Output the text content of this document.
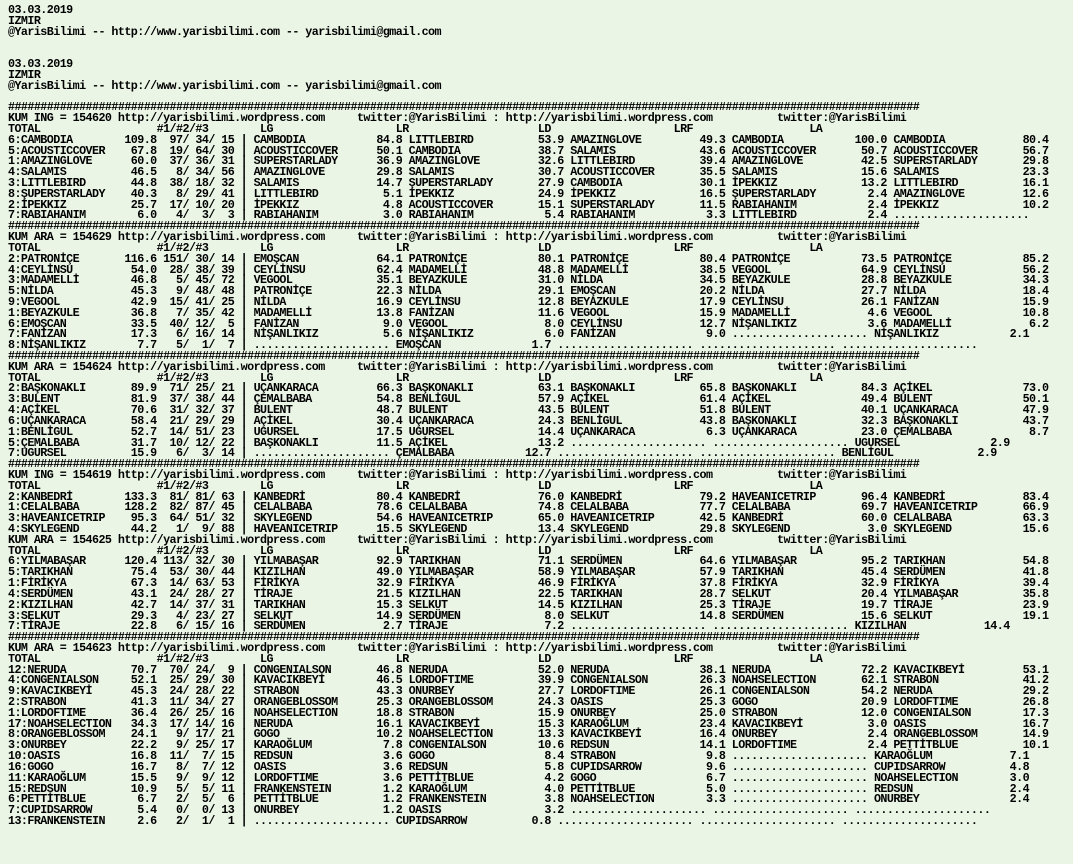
03.03.2019
IZMIR
@YarisBilimi -- http://www.yarisbilimi.com -- yarisbilimi@gmail.com
03.03.2019
IZMIR
@YarisBilimi -- http://www.yarisbilimi.com -- yarisbilimi@gmail.com
#############################################################################################################################################
KUM ING = 154620 http://yarisbilimi.wordpress.com     twitter:@YarisBilimi : http://yarisbilimi.wordpress.com          twitter:@YarisBilimi
TOTAL                  #1/#2/#3        LG                   LR                    LD                   LRF                  LA
6:CAMBODIA        109.8  97/ 34/ 15 | CAMBODIA           84.8 LITTLEBIRD          53.9 AMAZINGLOVE         49.3 CAMBODIA           100.0 CAMBODIA            80.4
5:ACOUSTICCOVER    67.8  19/ 64/ 30 | ACOUSTICCOVER      50.1 CAMBODIA            38.7 SALAMIS             43.6 ACOUSTICCOVER       50.7 ACOUSTICCOVER       56.7
1:AMAZINGLOVE      60.0  37/ 36/ 31 | SUPERSTARLADY      36.9 AMAZINGLOVE         32.6 LITTLEBIRD          39.4 AMAZINGLOVE         42.5 SUPERSTARLADY       29.8
4:SALAMIS          46.5   8/ 34/ 56 | AMAZINGLOVE        29.8 SALAMIS             30.7 ACOUSTICCOVER       35.5 SALAMIS             15.6 SALAMIS             23.3
3:LITTLEBIRD       44.8  38/ 18/ 32 | SALAMIS            14.7 ŞUPERSTARLADY       27.9 CAMBODIA            30.1 İPEKKIZ             13.2 LITTLEBIRD          16.1
8:ŞUPERSTARLADY    40.3   8/ 29/ 41 | LITTLEBIRD          5.1 İPEKKIZ             24.9 İPEKKIZ             16.5 ŞUPERSTARLADY        2.4 AMAZINGLOVE         12.6
2:İPEKKIZ          25.7  17/ 10/ 20 | İPEKKIZ             4.8 ACOUSTICCOVER       15.1 SUPERSTARLADY       11.5 RABIAHANIM           2.4 İPEKKIZ             10.2
7:RABIAHANIM        6.0   4/  3/  3 | RABIAHANIM          3.0 RABIAHANIM           5.4 RABIAHANIM           3.3 LITTLEBIRD           2.4 .....................
#############################################################################################################################################
KUM ARA = 154629 http://yarisbilimi.wordpress.com     twitter:@YarisBilimi : http://yarisbilimi.wordpress.com          twitter:@YarisBilimi
TOTAL                  #1/#2/#3        LG                   LR                    LD                   LRF                  LA
2:PATRONİÇE       116.6 151/ 30/ 14 | EMOŞCAN            64.1 PATRONİÇE           80.1 PATRONİÇE           80.4 PATRONİÇE           73.5 PATRONİÇE           85.2
4:CEYLİNSU         54.0  28/ 38/ 39 | CEYLİNSU           62.4 MADAMELLİ           48.8 MADAMELLİ           38.5 VEGOOL              64.9 CEYLİNSU            56.2
3:MADAMELLİ        46.8   5/ 45/ 72 | VEGOOL             35.1 BEYAZKULE           31.0 NİLDA               34.5 BEYAZKULE           28.8 BEYAZKULE           34.3
5:NİLDA            45.3   9/ 48/ 48 | PATRONİÇE          22.3 NİLDA               29.1 EMOŞCAN             20.2 NİLDA               27.7 NİLDA               18.4
9:VEGOOL           42.9  15/ 41/ 25 | NİLDA              16.9 CEYLİNSU            12.8 BEYAZKULE           17.9 CEYLİNSU            26.1 FANİZAN             15.9
1:BEYAZKULE        36.8   7/ 35/ 42 | MADAMELLİ          13.8 FANİZAN             11.6 VEGOOL              15.9 MADAMELLİ            4.6 VEGOOL              10.8
6:EMOŞCAN          33.5  40/ 12/  5 | FANİZAN             9.0 VEGOOL               8.0 CEYLİNSU            12.7 NİŞANLIKIZ           3.6 MADAMELLİ            6.2
7:FANİZAN          17.3   6/ 16/ 14 | NİŞANLIKIZ          5.6 NİŞANLIKIZ           6.0 FANİZAN              9.0 ..................... NİŞANLIKIZ           2.1
8:NİŞANLIKIZ        7.7   5/  1/  7 | ..................... EMOŞCAN              1.7 ..................... ..................... .....................
#############################################################################################################################################
KUM ARA = 154624 http://yarisbilimi.wordpress.com     twitter:@YarisBilimi : http://yarisbilimi.wordpress.com          twitter:@YarisBilimi
TOTAL                  #1/#2/#3        LG                   LR                    LD                   LRF                  LA
2:BAŞKONAKLI       89.9  71/ 25/ 21 | UÇANKARACA         66.3 BAŞKONAKLI          63.1 BAŞKONAKLI          65.8 BAŞKONAKLI          84.3 AÇİKEL              73.0
3:BULENT           81.9  37/ 38/ 44 | ÇEMALBABA          54.8 BENLİGUL            57.9 AÇİKEL              61.4 AÇİKEL              49.4 BULENT              50.1
4:AÇİKEL           70.6  31/ 32/ 37 | BULENT             48.7 BULENT              43.5 BULENT              51.8 BULENT              40.1 UÇANKARACA          47.9
6:UÇANKARACA       58.4  21/ 29/ 29 | AÇİKEL             30.4 UÇANKARACA          24.3 BENLİGUL            43.8 BAŞKONAKLI          32.3 BAŞKONAKLI          43.7
1:BENLİGUL         52.7  14/ 51/ 23 | UGURSEL            17.5 UGURSEL             14.4 UÇANKARACA           6.3 UÇANKARACA          23.0 ÇEMALBABA            8.7
5:ÇEMALBABA        31.7  10/ 12/ 22 | BAŞKONAKLI         11.5 AÇİKEL              13.2 ..................... ..................... UGURSEL              2.9
7:UGURSEL          15.9   6/  3/ 14 | ..................... ÇEMALBABA           12.7 ..................... ..................... BENLİGUL             2.9
#############################################################################################################################################
KUM ING = 154619 http://yarisbilimi.wordpress.com     twitter:@YarisBilimi : http://yarisbilimi.wordpress.com          twitter:@YarisBilimi
TOTAL                  #1/#2/#3        LG                   LR                    LD                   LRF                  LA
2:KANBEDRİ        133.3  81/ 81/ 63 | KANBEDRİ           80.4 KANBEDRİ            76.0 KANBEDRİ            79.2 HAVEANICETRIP       96.4 KANBEDRİ            83.4
1:CELALBABA       128.2  82/ 87/ 45 | CELALBABA          78.6 CELALBABA           74.8 CELALBABA           77.7 CELALBABA           69.7 HAVEANICETRIP       66.9
3:HAVEANICETRIP    95.3  64/ 51/ 32 | SKYLEGEND          54.6 HAVEANICETRIP       65.0 HAVEANICETRIP       42.5 KANBEDRİ            60.0 CELALBABA           63.3
4:SKYLEGEND        44.2   1/  9/ 88 | HAVEANICETRIP      15.5 SKYLEGEND           13.4 SKYLEGEND           29.8 SKYLEGEND            3.0 SKYLEGEND           15.6
KUM ARA = 154625 http://yarisbilimi.wordpress.com     twitter:@YarisBilimi : http://yarisbilimi.wordpress.com          twitter:@YarisBilimi
TOTAL                  #1/#2/#3        LG                   LR                    LD                   LRF                  LA
6:YILMABAŞAR      120.4 113/ 32/ 30 | YILMABAŞAR         92.9 TARIKHAN            71.1 SERDÜMEN            64.6 YILMABAŞAR          95.2 TARIKHAN            54.8
5:TARIKHAN         75.4  53/ 30/ 44 | KIZILHAN           49.0 YILMABAŞAR          58.9 YILMABAŞAR          57.9 TARIKHAN            45.4 SERDÜMEN            41.8
1:FİRİKYA          67.3  14/ 63/ 53 | FİRİKYA            32.9 FİRİKYA             46.9 FİRİKYA             37.8 FİRİKYA             32.9 FİRİKYA             39.4
4:SERDÜMEN         43.1  24/ 28/ 27 | TİRAJE             21.5 KIZILHAN            22.5 TARIKHAN            28.7 SELKUT              20.4 YILMABAŞAR          35.8
2:KIZILHAN         42.7  14/ 37/ 31 | TARIKHAN           15.3 SELKUT              14.5 KIZILHAN            25.3 TİRAJE              19.7 TİRAJE              23.9
3:SELKUT           29.3   4/ 23/ 27 | SELKUT             14.9 SERDÜMEN             8.0 SELKUT              14.8 SERDÜMEN            15.6 SELKUT              19.1
7:TİRAJE           22.8   6/ 15/ 16 | SERDÜMEN            2.7 TİRAJE               7.2 ..................... ..................... KIZILHAN            14.4
#############################################################################################################################################
KUM ARA = 154623 http://yarisbilimi.wordpress.com     twitter:@YarisBilimi : http://yarisbilimi.wordpress.com          twitter:@YarisBilimi
TOTAL                  #1/#2/#3        LG                   LR                    LD                   LRF                  LA
12:NERUDA          70.7  70/ 24/  9 | CONGENIALSON       46.8 NERUDA              52.0 NERUDA              38.1 NERUDA              72.2 KAVACIKBEYİ         53.1
4:CONGENIALSON     52.1  25/ 29/ 30 | KAVACIKBEYİ        46.5 LORDOFTIME          39.9 CONGENIALSON        26.3 NOAHSELECTION       62.1 STRABON             41.2
9:KAVACIKBEYİ      45.3  24/ 28/ 22 | STRABON            43.3 ONURBEY             27.7 LORDOFTIME          26.1 CONGENIALSON        54.2 NERUDA              29.2
2:STRABON          41.3  11/ 34/ 27 | ORANGEBLOSSOM      25.3 ORANGEBLOSSOM       24.3 OASIS               25.3 GOGO                20.9 LORDOFTIME          26.8
1:LORDOFTIME       36.4  26/ 25/ 16 | NOAHSELECTION      18.8 STRABON             15.9 ONURBEY             25.0 STRABON             12.0 CONGENIALSON        17.3
17:NOAHSELECTION   34.3  17/ 14/ 16 | NERUDA             16.1 KAVACIKBEYİ         15.3 KARAOĞLUM           23.4 KAVACIKBEYİ          3.0 OASIS               16.7
8:ORANGEBLOSSOM    24.1   9/ 17/ 21 | GOGO               10.2 NOAHSELECTION       13.3 KAVACIKBEYİ         16.4 ONURBEY              2.4 ORANGEBLOSSOM       14.9
3:ONURBEY          22.2   9/ 25/ 17 | KARAOĞLUM           7.8 CONGENIALSON        10.6 REDSUN              14.1 LORDOFTIME           2.4 PETTİTBLUE          10.1
10:OASIS           16.8  11/  7/ 15 | REDSUN              3.6 GOGO                 8.4 STRABON              9.8 ..................... KARAOĞLUM            7.1
16:GOGO            16.7   8/  7/ 12 | OASIS               3.6 REDSUN               5.8 CUPIDSARROW          9.6 ..................... CUPIDSARROW          4.8
11:KARAOĞLUM       15.5   9/  9/ 12 | LORDOFTIME          3.6 PETTİTBLUE           4.2 GOGO                 6.7 ..................... NOAHSELECTION        3.0
15:REDSUN          10.9   5/  5/ 11 | FRANKENSTEIN        1.2 KARAOĞLUM            4.0 PETTİTBLUE           5.0 ..................... REDSUN               2.4
6:PETTİTBLUE        6.7   2/  5/  6 | PETTİTBLUE          1.2 FRANKENSTEIN         3.8 NOAHSELECTION        3.3 ..................... ONURBEY              2.4
7:CUPIDSARROW       5.4   0/  0/ 13 | ONURBEY             1.2 OASIS                3.2 ..................... ..................... .....................
13:FRANKENSTEIN     2.6   2/  1/  1 | ..................... CUPIDSARROW          0.8 ..................... ..................... .....................
